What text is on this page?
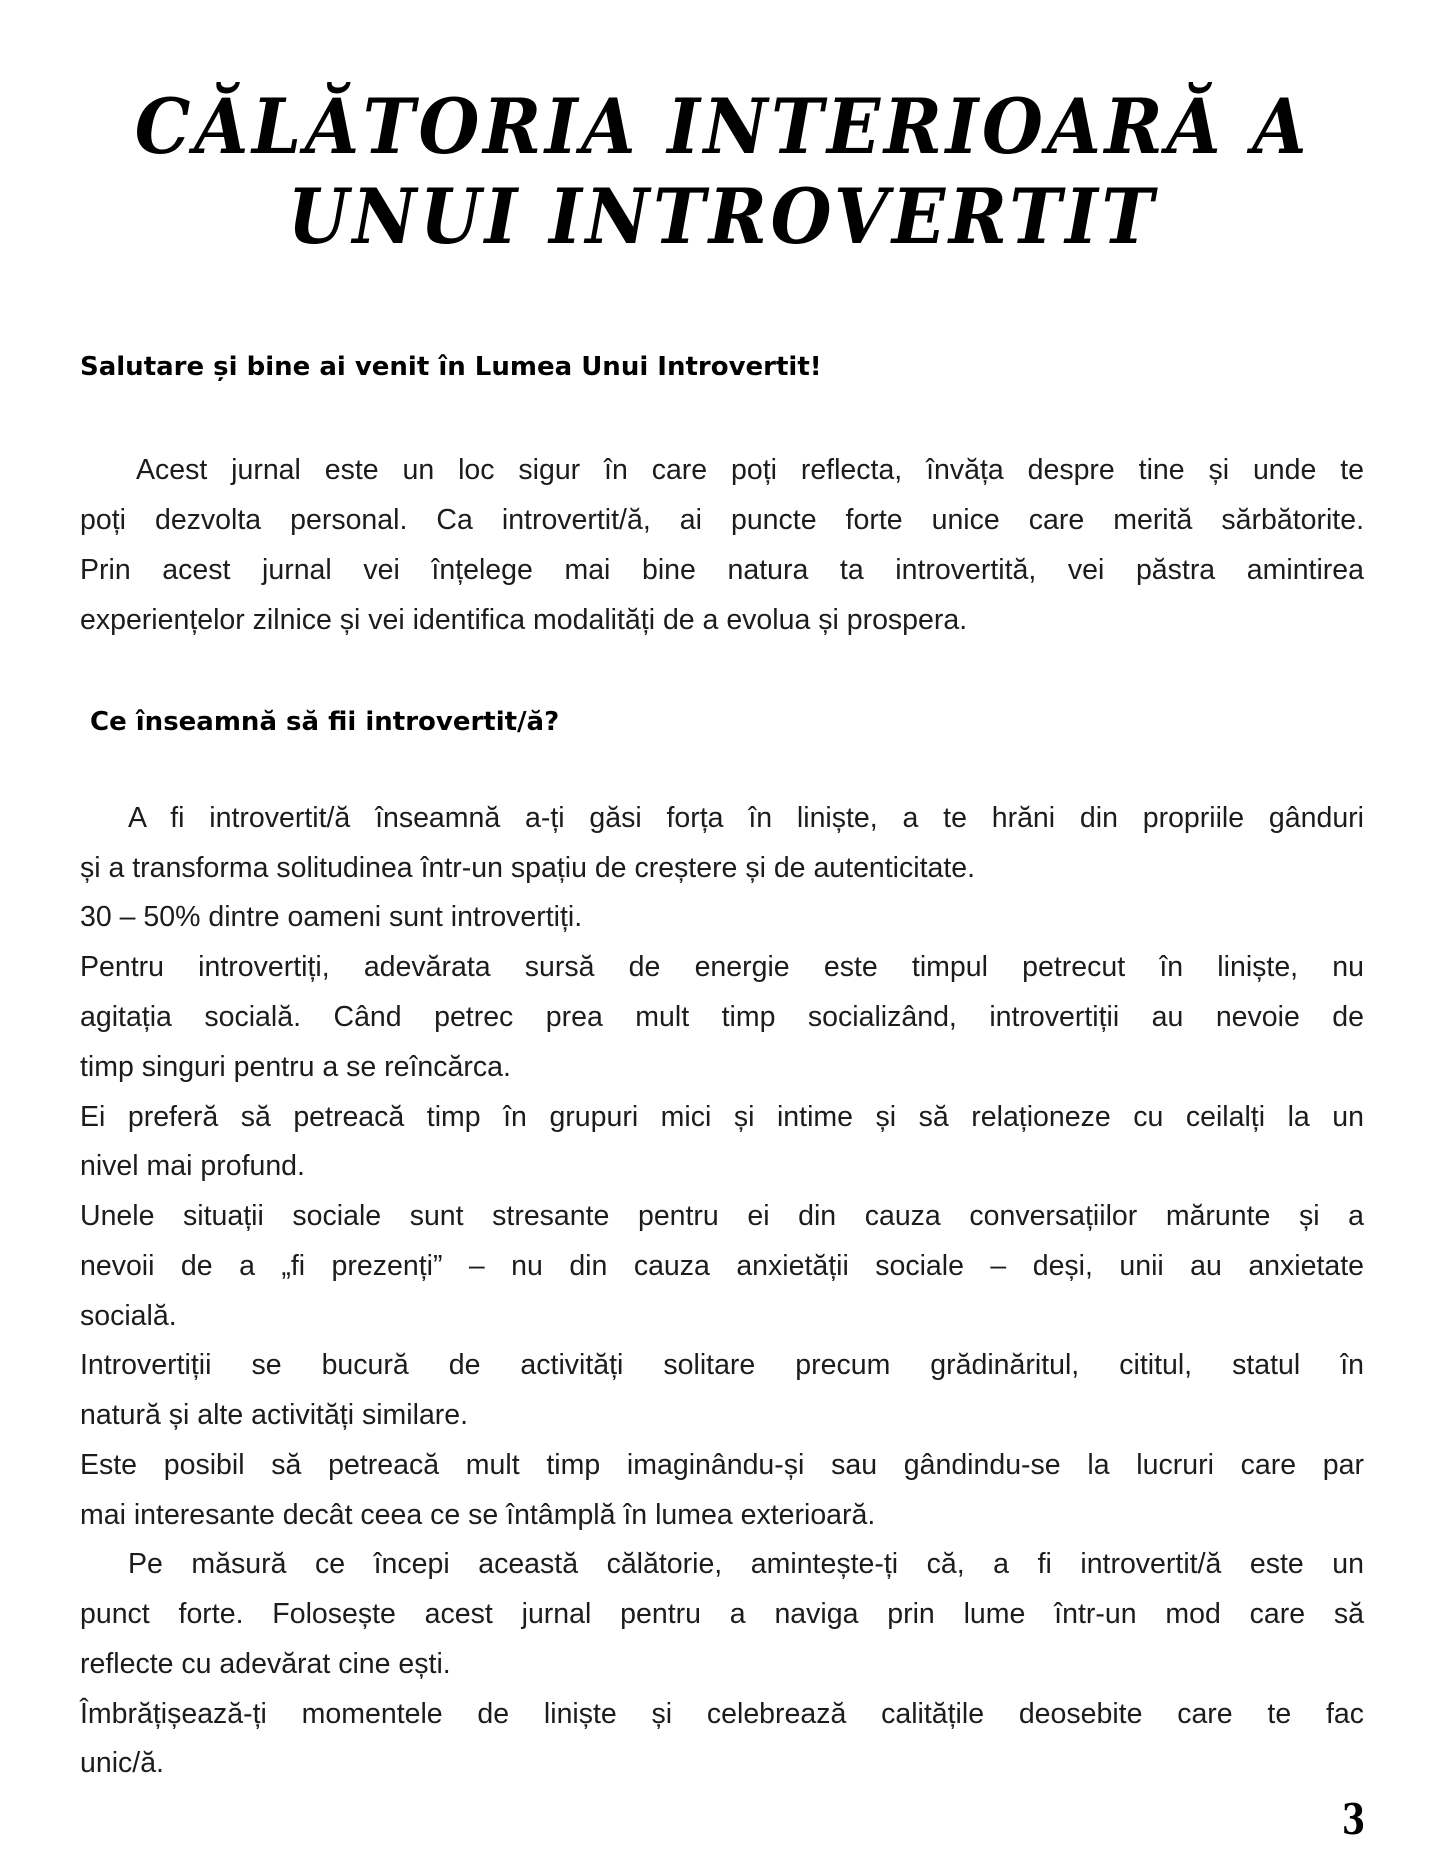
CĂLĂTORIA INTERIOARĂ A
UNUI INTROVERTIT
Salutare și bine ai venit în Lumea Unui Introvertit!
Acest jurnal este un loc sigur în care poți reflecta, învăța despre tine și unde te
poți dezvolta personal. Ca introvertit/ă, ai puncte forte unice care merită sărbătorite.
Prin acest jurnal vei înțelege mai bine natura ta introvertită, vei păstra amintirea
experiențelor zilnice și vei identifica modalități de a evolua și prospera.
Ce înseamnă să fii introvertit/ă?
A fi introvertit/ă înseamnă a-ți găsi forța în liniște, a te hrăni din propriile gânduri
și a transforma solitudinea într-un spațiu de creștere și de autenticitate.
30 – 50% dintre oameni sunt introvertiți.
Pentru introvertiți, adevărata sursă de energie este timpul petrecut în liniște, nu
agitația socială. Când petrec prea mult timp socializând, introvertiții au nevoie de
timp singuri pentru a se reîncărca.
Ei preferă să petreacă timp în grupuri mici și intime și să relaționeze cu ceilalți la un
nivel mai profund.
Unele situații sociale sunt stresante pentru ei din cauza conversațiilor mărunte și a
nevoii de a „fi prezenți” – nu din cauza anxietății sociale – deși, unii au anxietate
socială.
Introvertiții se bucură de activități solitare precum grădinăritul, cititul, statul în
natură și alte activități similare.
Este posibil să petreacă mult timp imaginându-și sau gândindu-se la lucruri care par
mai interesante decât ceea ce se întâmplă în lumea exterioară.
Pe măsură ce începi această călătorie, amintește-ți că, a fi introvertit/ă este un
punct forte. Folosește acest jurnal pentru a naviga prin lume într-un mod care să
reflecte cu adevărat cine ești.
Îmbrățișează-ți momentele de liniște și celebrează calitățile deosebite care te fac
unic/ă.
3
